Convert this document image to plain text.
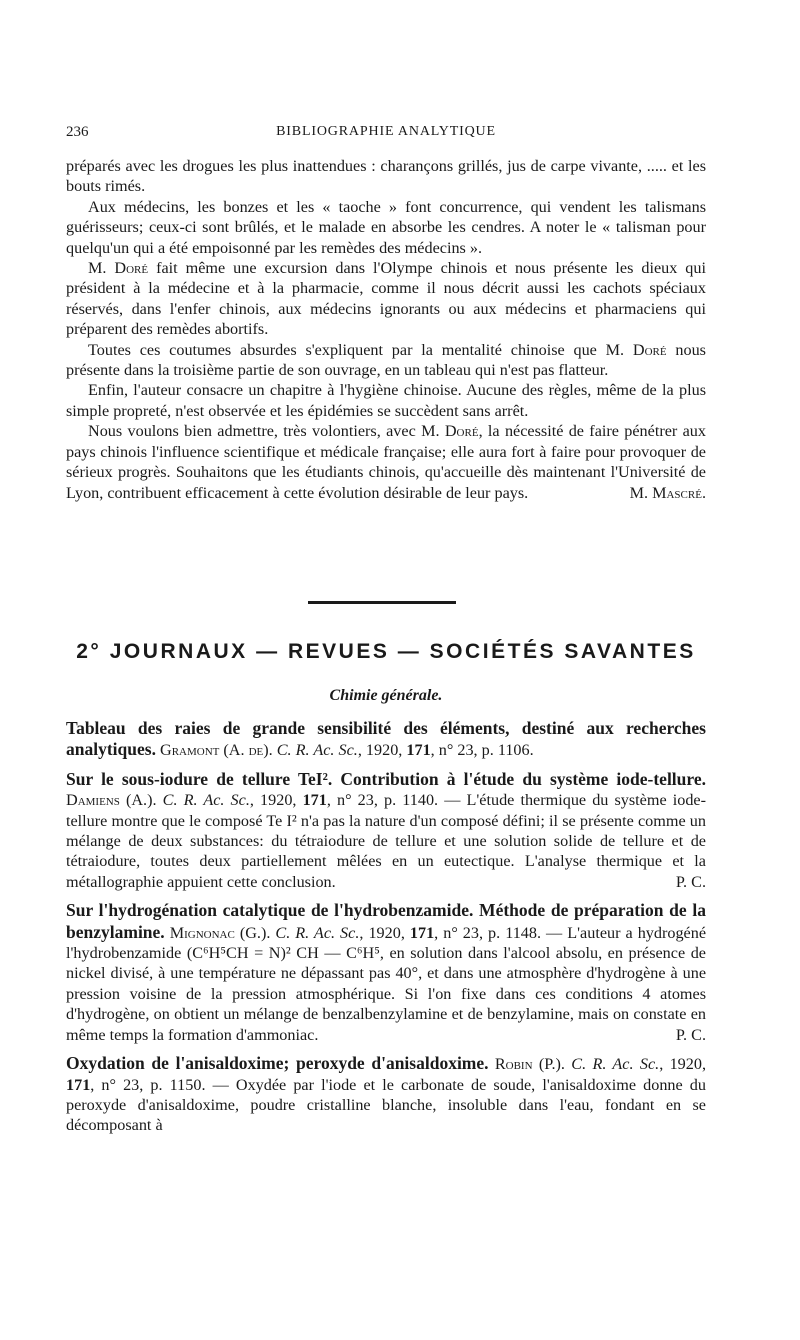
236	BIBLIOGRAPHIE ANALYTIQUE

préparés avec les drogues les plus inattendues : charançons grillés, jus de carpe vivante, ..... et les bouts rimés.

Aux médecins, les bonzes et les « taoche » font concurrence, qui vendent les talismans guérisseurs; ceux-ci sont brûlés, et le malade en absorbe les cendres. A noter le « talisman pour quelqu'un qui a été empoisonné par les remèdes des médecins ».

M. Doré fait même une excursion dans l'Olympe chinois et nous présente les dieux qui président à la médecine et à la pharmacie, comme il nous décrit aussi les cachots spéciaux réservés, dans l'enfer chinois, aux médecins ignorants ou aux médecins et pharmaciens qui préparent des remèdes abortifs.

Toutes ces coutumes absurdes s'expliquent par la mentalité chinoise que M. Doré nous présente dans la troisième partie de son ouvrage, en un tableau qui n'est pas flatteur.

Enfin, l'auteur consacre un chapitre à l'hygiène chinoise. Aucune des règles, même de la plus simple propreté, n'est observée et les épidémies se succèdent sans arrêt.

Nous voulons bien admettre, très volontiers, avec M. Doré, la nécessité de faire pénétrer aux pays chinois l'influence scientifique et médicale française; elle aura fort à faire pour provoquer de sérieux progrès. Souhaitons que les étudiants chinois, qu'accueille dès maintenant l'Université de Lyon, contribuent efficacement à cette évolution désirable de leur pays.	M. Mascré.

2° JOURNAUX — REVUES — SOCIÉTÉS SAVANTES
Chimie générale.

Tableau des raies de grande sensibilité des éléments, destiné aux recherches analytiques. Gramont (A. de). C. R. Ac. Sc., 1920, 171, n° 23, p. 1106.

Sur le sous-iodure de tellure TeI². Contribution à l'étude du système iode-tellure. Damiens (A.). C. R. Ac. Sc., 1920, 171, n° 23, p. 1140. — L'étude thermique du système iode-tellure montre que le composé Te I² n'a pas la nature d'un composé défini; il se présente comme un mélange de deux substances: du tétraiodure de tellure et une solution solide de tellure et de tétraiodure, toutes deux partiellement mêlées en un eutectique. L'analyse thermique et la métallographie appuient cette conclusion.	P. C.

Sur l'hydrogénation catalytique de l'hydrobenzamide. Méthode de préparation de la benzylamine. Mignonac (G.). C. R. Ac. Sc., 1920, 171, n° 23, p. 1148. — L'auteur a hydrogéné l'hydrobenzamide (C⁶H⁵CH = N)² CH — C⁶H⁵, en solution dans l'alcool absolu, en présence de nickel divisé, à une température ne dépassant pas 40°, et dans une atmosphère d'hydrogène à une pression voisine de la pression atmosphérique. Si l'on fixe dans ces conditions 4 atomes d'hydrogène, on obtient un mélange de benzalbenzylamine et de benzylamine, mais on constate en même temps la formation d'ammoniac.	P. C.

Oxydation de l'anisaldoxime; peroxyde d'anisaldoxime. Robin (P.). C. R. Ac. Sc., 1920, 171, n° 23, p. 1150. — Oxydée par l'iode et le carbonate de soude, l'anisaldoxime donne du peroxyde d'anisaldoxime, poudre cristalline blanche, insoluble dans l'eau, fondant en se décomposant à
